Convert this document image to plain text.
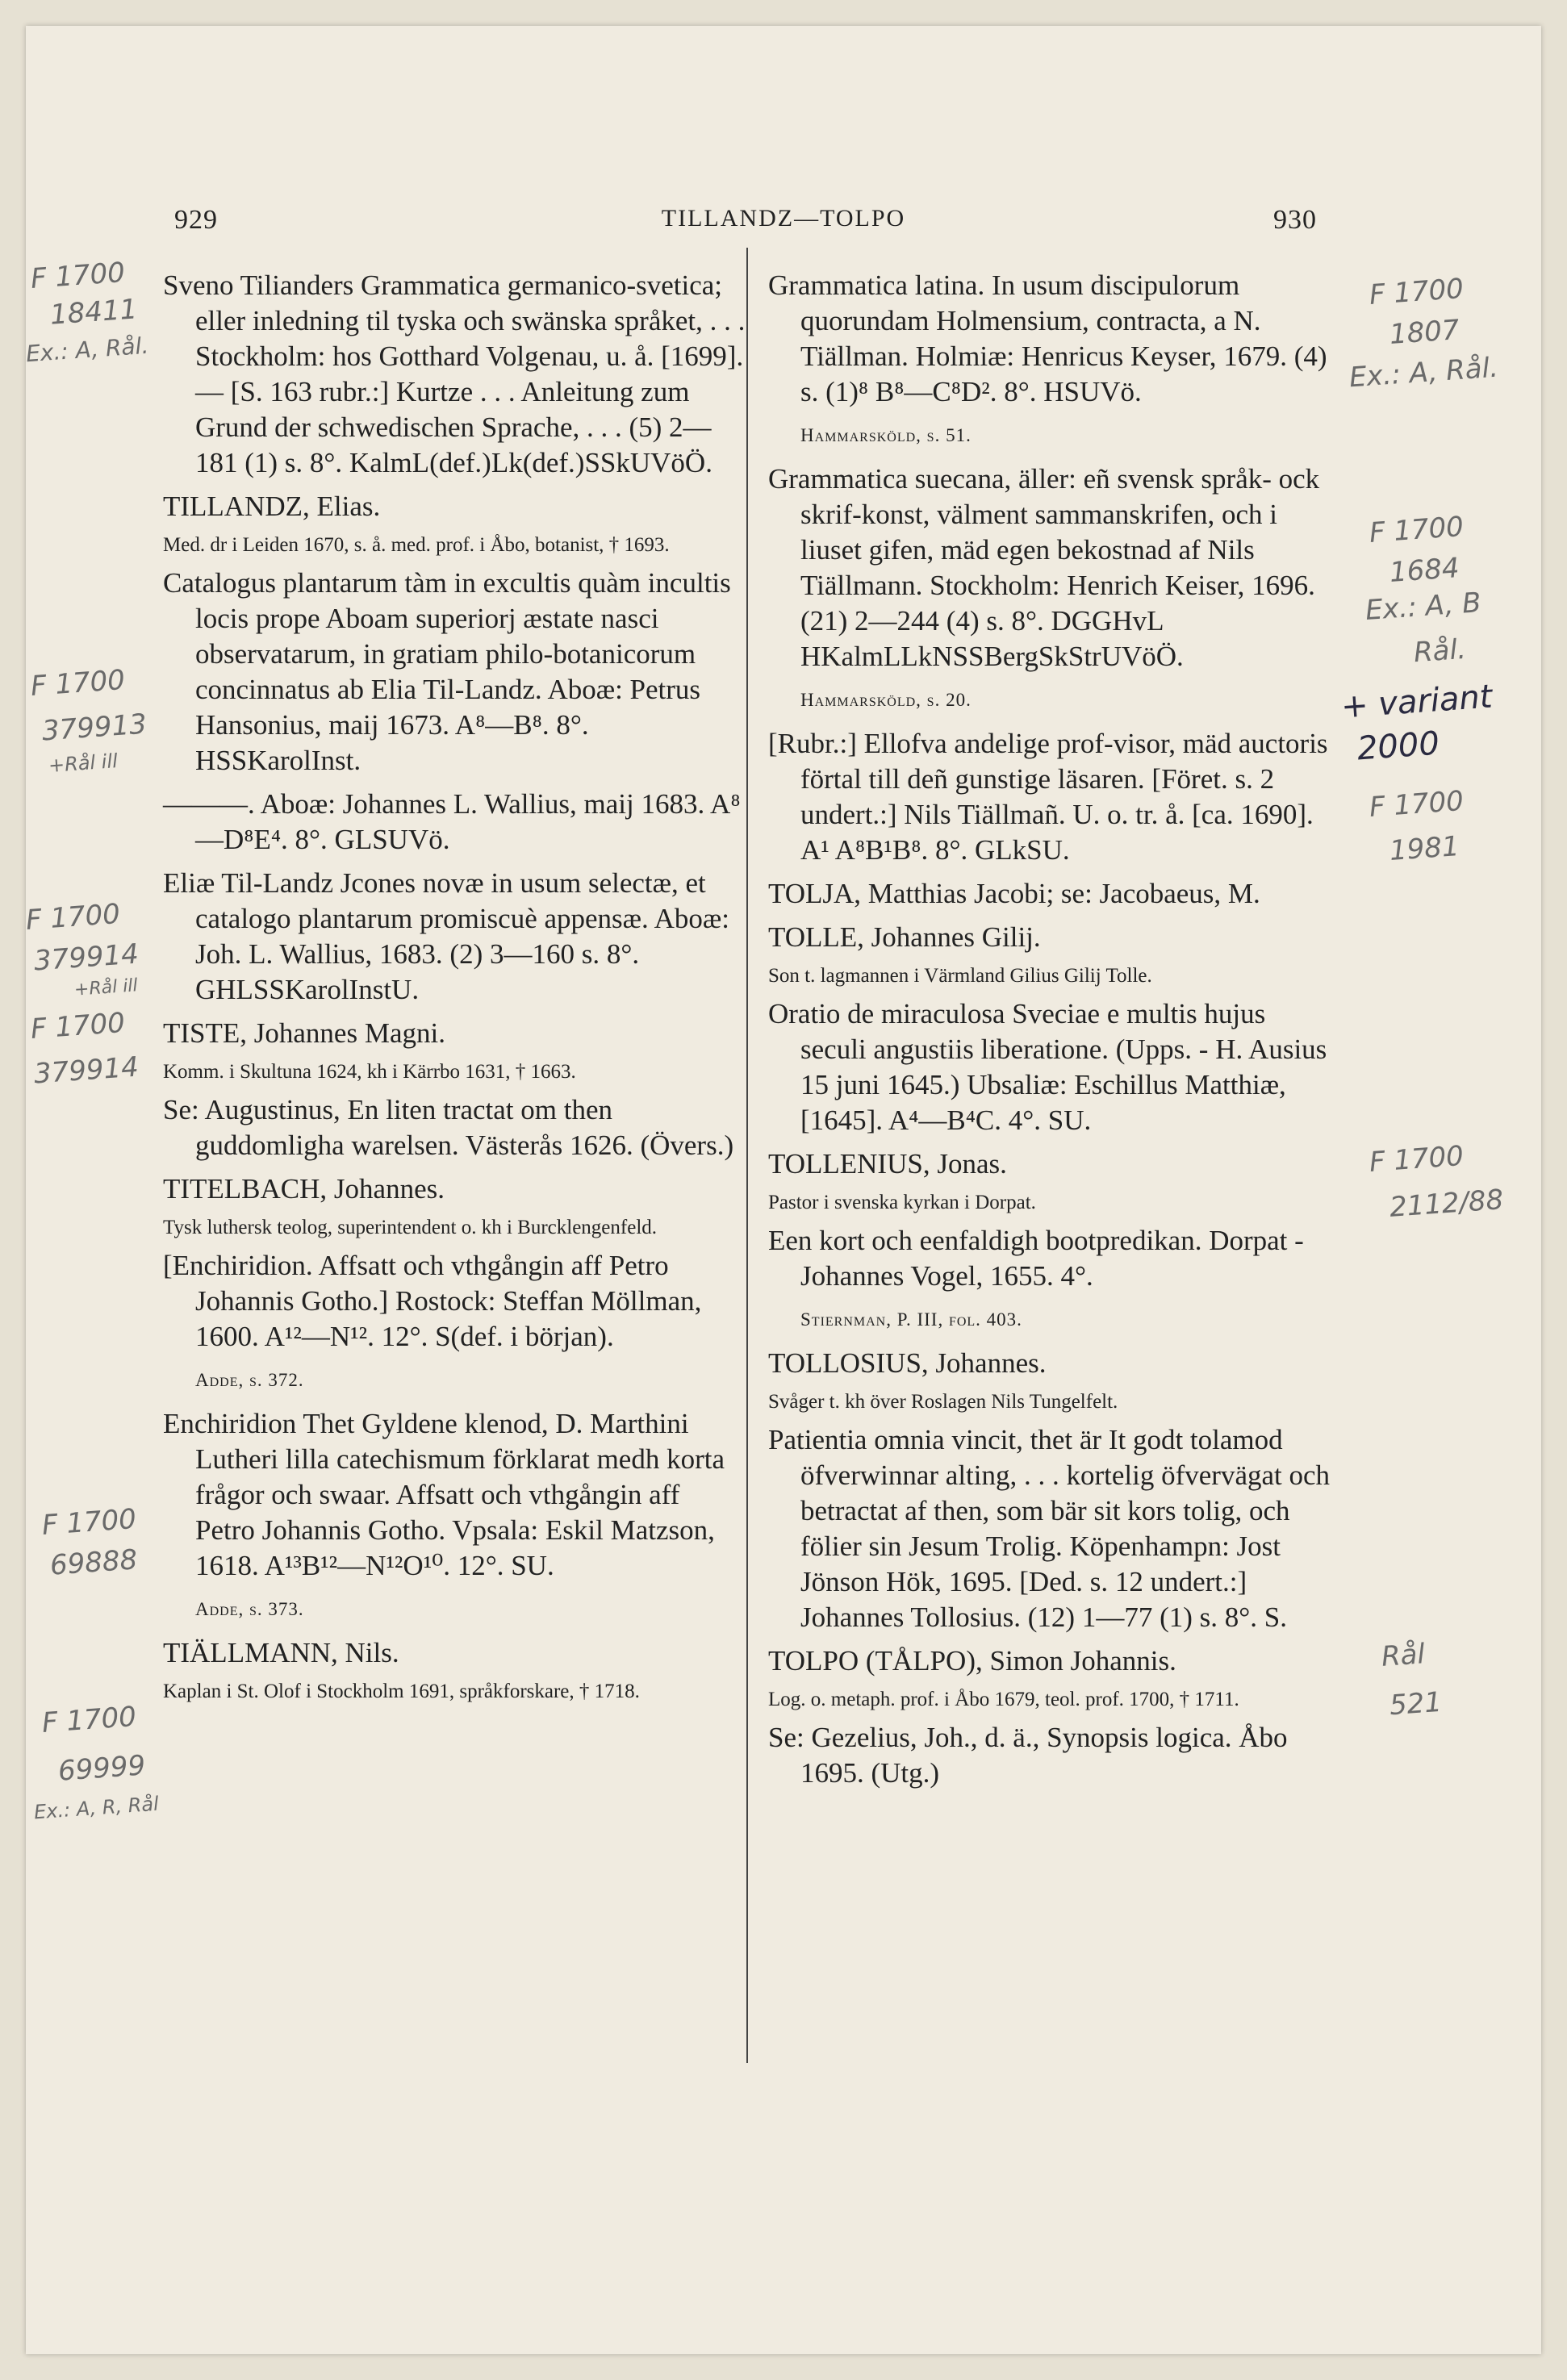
929	TILLANDZ—TOLPO	930

Sveno Tilianders Grammatica germanico-svetica; eller inledning til tyska och swänska språket, . . . Stockholm: hos Gotthard Volgenau, u. å. [1699]. — [S. 163 rubr.:] Kurtze . . . Anleitung zum Grund der schwedischen Sprache, . . . (5) 2—181 (1) s. 8°. KalmL(def.)Lk(def.)SSkUVöÖ.

TILLANDZ, Elias.

Med. dr i Leiden 1670, s. å. med. prof. i Åbo, botanist, † 1693.

Catalogus plantarum tàm in excultis quàm incultis locis prope Aboam superiorj æstate nasci observatarum, in gratiam philo-botanicorum concinnatus ab Elia Til-Landz. Aboæ: Petrus Hansonius, maij 1673. A⁸—B⁸. 8°. HSSKarolInst.

———. Aboæ: Johannes L. Wallius, maij 1683. A⁸—D⁸E⁴. 8°. GLSUVö.

Eliæ Til-Landz Jcones novæ in usum selectæ, et catalogo plantarum promiscuè appensæ. Aboæ: Joh. L. Wallius, 1683. (2) 3—160 s. 8°. GHLSSKarolInstU.

TISTE, Johannes Magni.

Komm. i Skultuna 1624, kh i Kärrbo 1631, † 1663.

Se: Augustinus, En liten tractat om then guddomligha warelsen. Västerås 1626. (Övers.)

TITELBACH, Johannes.

Tysk luthersk teolog, superintendent o. kh i Burcklengenfeld.

[Enchiridion. Affsatt och vthgångin aff Petro Johannis Gotho.] Rostock: Steffan Möllman, 1600. A¹²—N¹². 12°. S(def. i början).

Adde, s. 372.

Enchiridion Thet Gyldene klenod, D. Marthini Lutheri lilla catechismum förklarat medh korta frågor och swaar. Affsatt och vthgångin aff Petro Johannis Gotho. Vpsala: Eskil Matzson, 1618. A¹³B¹²—N¹²O¹⁰. 12°. SU.

Adde, s. 373.

TIÄLLMANN, Nils.

Kaplan i St. Olof i Stockholm 1691, språkforskare, † 1718.

Grammatica latina. In usum discipulorum quorundam Holmensium, contracta, a N. Tiällman. Holmiæ: Henricus Keyser, 1679. (4) s. (1)⁸ B⁸—C⁸D². 8°. HSUVö.

Hammarsköld, s. 51.

Grammatica suecana, äller: eñ svensk språk- ock skrif-konst, välment sammanskrifen, och i liuset gifen, mäd egen bekostnad af Nils Tiällmann. Stockholm: Henrich Keiser, 1696. (21) 2—244 (4) s. 8°. DGGHvL HKalmLLkNSSBergSkStrUVöÖ.

Hammarsköld, s. 20.

[Rubr.:] Ellofva andelige prof-visor, mäd auctoris förtal till deñ gunstige läsaren. [Föret. s. 2 undert.:] Nils Tiällmañ. U. o. tr. å. [ca. 1690]. A¹ A⁸B¹B⁸. 8°. GLkSU.

TOLJA, Matthias Jacobi; se: Jacobaeus, M.

TOLLE, Johannes Gilij.

Son t. lagmannen i Värmland Gilius Gilij Tolle.

Oratio de miraculosa Sveciae e multis hujus seculi angustiis liberatione. (Upps. - H. Ausius 15 juni 1645.) Ubsaliæ: Eschillus Matthiæ, [1645]. A⁴—B⁴C. 4°. SU.

TOLLENIUS, Jonas.

Pastor i svenska kyrkan i Dorpat.

Een kort och eenfaldigh bootpredikan. Dorpat - Johannes Vogel, 1655. 4°.

Stiernman, P. III, fol. 403.

TOLLOSIUS, Johannes.

Svåger t. kh över Roslagen Nils Tungelfelt.

Patientia omnia vincit, thet är It godt tolamod öfverwinnar alting, . . . kortelig öfvervägat och betractat af then, som bär sit kors tolig, och fölier sin Jesum Trolig. Köpenhampn: Jost Jönson Hök, 1695. [Ded. s. 12 undert.:] Johannes Tollosius. (12) 1—77 (1) s. 8°. S.

TOLPO (TÅLPO), Simon Johannis.

Log. o. metaph. prof. i Åbo 1679, teol. prof. 1700, † 1711.

Se: Gezelius, Joh., d. ä., Synopsis logica. Åbo 1695. (Utg.)

F 1700
18411
Ex.: A, Rål.
F 1700
379913
+Rål ill
F 1700
379914
+Rål ill
F 1700
379914
F 1700
69888
F 1700
69999
Ex.: A, R, Rål
F 1700
1807
Ex.: A, Rål.
F 1700
1684
Ex.: A, B
Rål.
+ variant
2000
F 1700
1981
F 1700
2112/88
Rål
521
